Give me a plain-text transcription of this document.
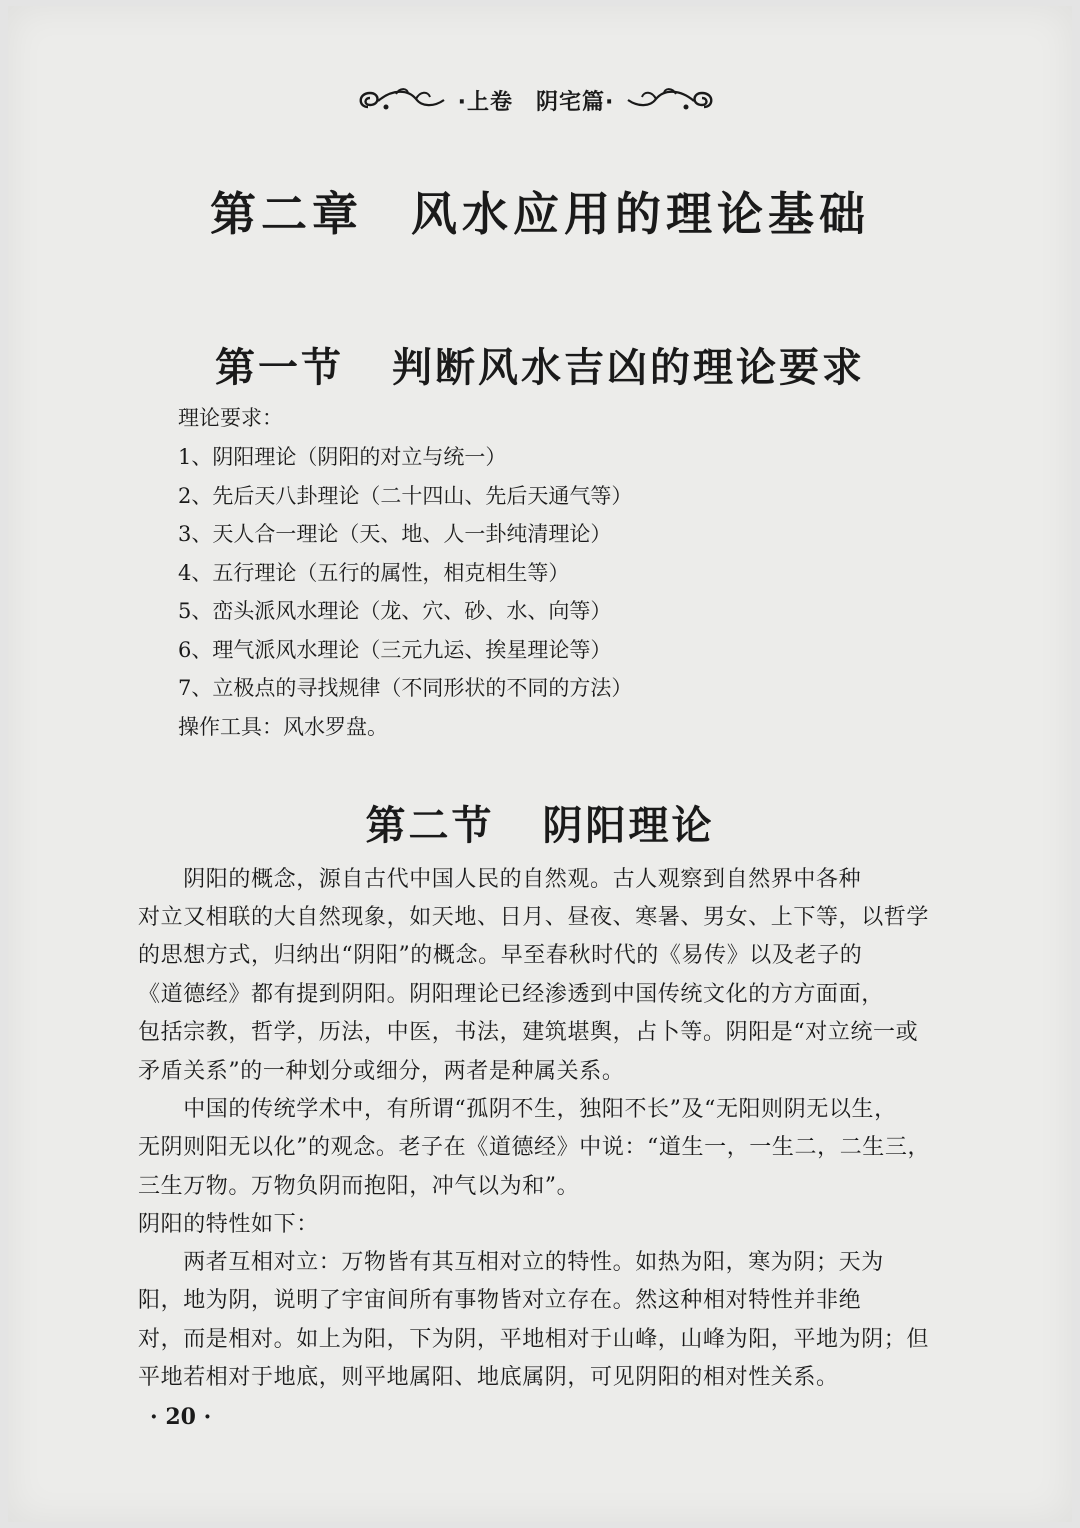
·上卷　阴宅篇·
第二章 风水应用的理论基础
第一节 判断风水吉凶的理论要求
理论要求：
1、阴阳理论（阴阳的对立与统一）
2、先后天八卦理论（二十四山、先后天通气等）
3、天人合一理论（天、地、人一卦纯清理论）
4、五行理论（五行的属性，相克相生等）
5、峦头派风水理论（龙、穴、砂、水、向等）
6、理气派风水理论（三元九运、挨星理论等）
7、立极点的寻找规律（不同形状的不同的方法）
操作工具：风水罗盘。
第二节 阴阳理论
　　阴阳的概念，源自古代中国人民的自然观。古人观察到自然界中各种
对立又相联的大自然现象，如天地、日月、昼夜、寒暑、男女、上下等，以哲学
的思想方式，归纳出“阴阳”的概念。早至春秋时代的《易传》以及老子的
《道德经》都有提到阴阳。阴阳理论已经渗透到中国传统文化的方方面面，
包括宗教，哲学，历法，中医，书法，建筑堪舆，占卜等。阴阳是“对立统一或
矛盾关系”的一种划分或细分，两者是种属关系。
　　中国的传统学术中，有所谓“孤阴不生，独阳不长”及“无阳则阴无以生，
无阴则阳无以化”的观念。老子在《道德经》中说：“道生一，一生二，二生三，
三生万物。万物负阴而抱阳，冲气以为和”。
阴阳的特性如下：
　　两者互相对立：万物皆有其互相对立的特性。如热为阳，寒为阴；天为
阳，地为阴，说明了宇宙间所有事物皆对立存在。然这种相对特性并非绝
对，而是相对。如上为阳，下为阴，平地相对于山峰，山峰为阳，平地为阴；但
平地若相对于地底，则平地属阳、地底属阴，可见阴阳的相对性关系。
· 20 ·
